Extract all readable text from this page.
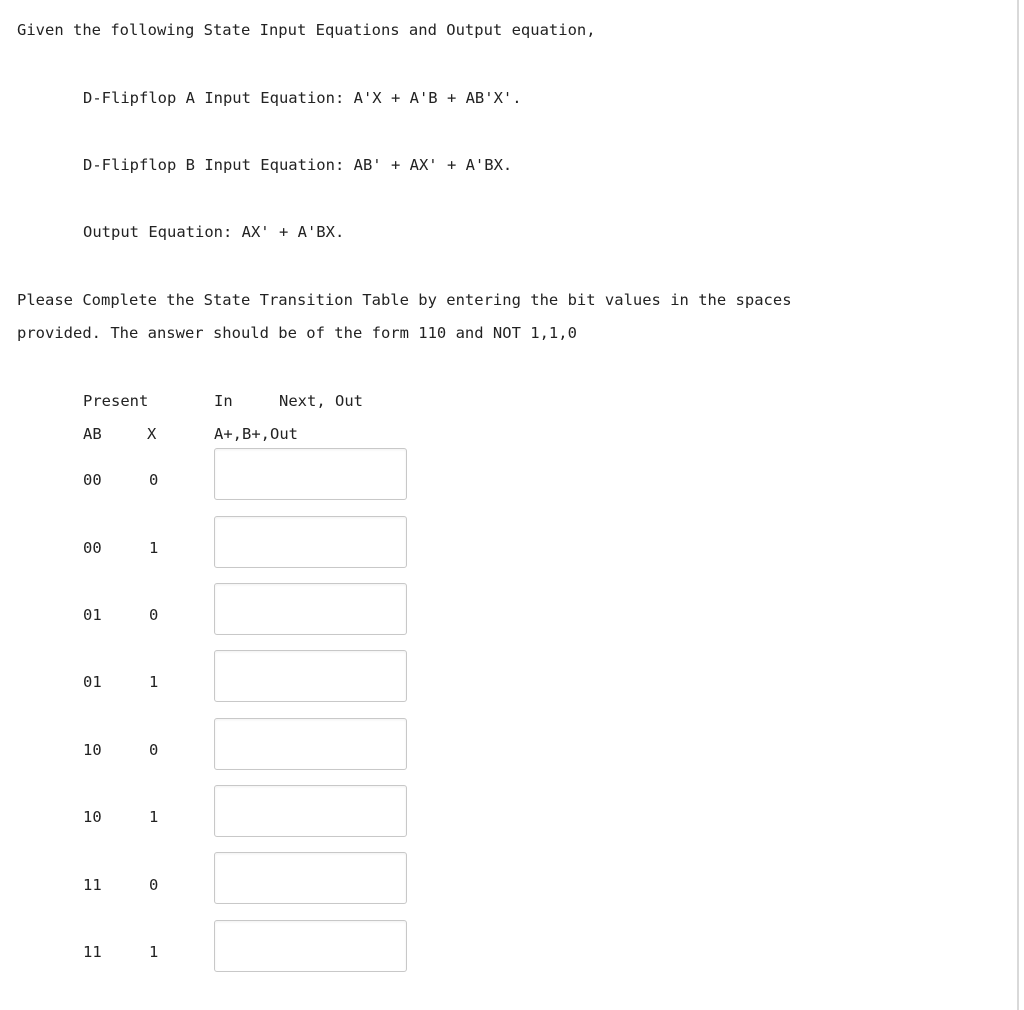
Given the following State Input Equations and Output equation,
D-Flipflop A Input Equation: A'X + A'B + AB'X'.
D-Flipflop B Input Equation: AB' + AX' + A'BX.
Output Equation: AX' + A'BX.
Please Complete the State Transition Table by entering the bit values in the spaces
provided. The answer should be of the form 110 and NOT 1,1,0
Present	In	Next, Out
AB	X	A+,B+,Out
00	0
00	1
01	0
01	1
10	0
10	1
11	0
11	1
